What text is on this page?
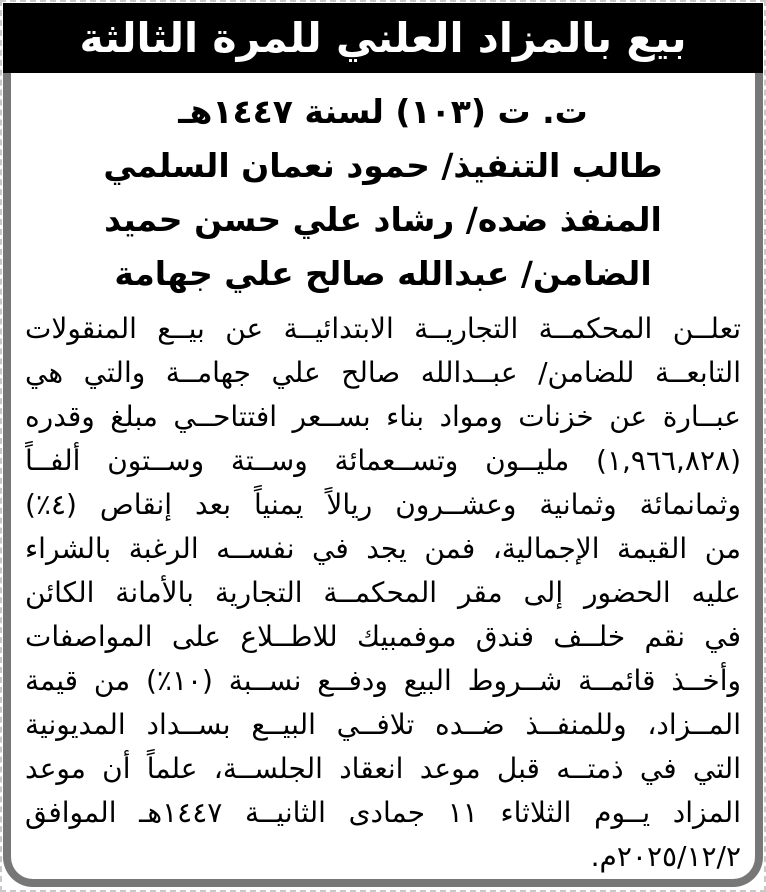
بيع بالمزاد العلني للمرة الثالثة
ت. ت (١٠٣) لسنة ١٤٤٧هـ
طالب التنفيذ/ حمود نعمان السلمي
المنفذ ضده/ رشاد علي حسن حميد
الضامن/ عبدالله صالح علي جهامة
تعلــن المحكمــة التجاريــة الابتدائيــة عن بيــع المنقولات
التابعــة للضامن/ عبــدالله صالح علي جهامــة والتي هي
عبــارة عن خزنات ومواد بناء بســعر افتتاحــي مبلغ وقدره
(١,٩٦٦,٨٢٨) مليــون وتســعمائة وســتة وســتون ألفــاً
وثمانمائة وثمانية وعشــرون ريالاً يمنياً بعد إنقاص (٤٪)
من القيمة الإجمالية، فمن يجد في نفســه الرغبة بالشراء
عليه الحضور إلى مقر المحكمــة التجارية بالأمانة الكائن
في نقم خلــف فندق موفمبيك للاطــلاع على المواصفات
وأخــذ قائمــة شــروط البيع ودفــع نســبة (١٠٪) من قيمة
المــزاد، وللمنفــذ ضــده تلافــي البيــع بســداد المديونية
التي في ذمتــه قبل موعد انعقاد الجلســة، علماً أن موعد
المزاد يــوم الثلاثاء ١١ جمادى الثانيــة ١٤٤٧هـ الموافق
٢٠٢٥/١٢/٢م.
